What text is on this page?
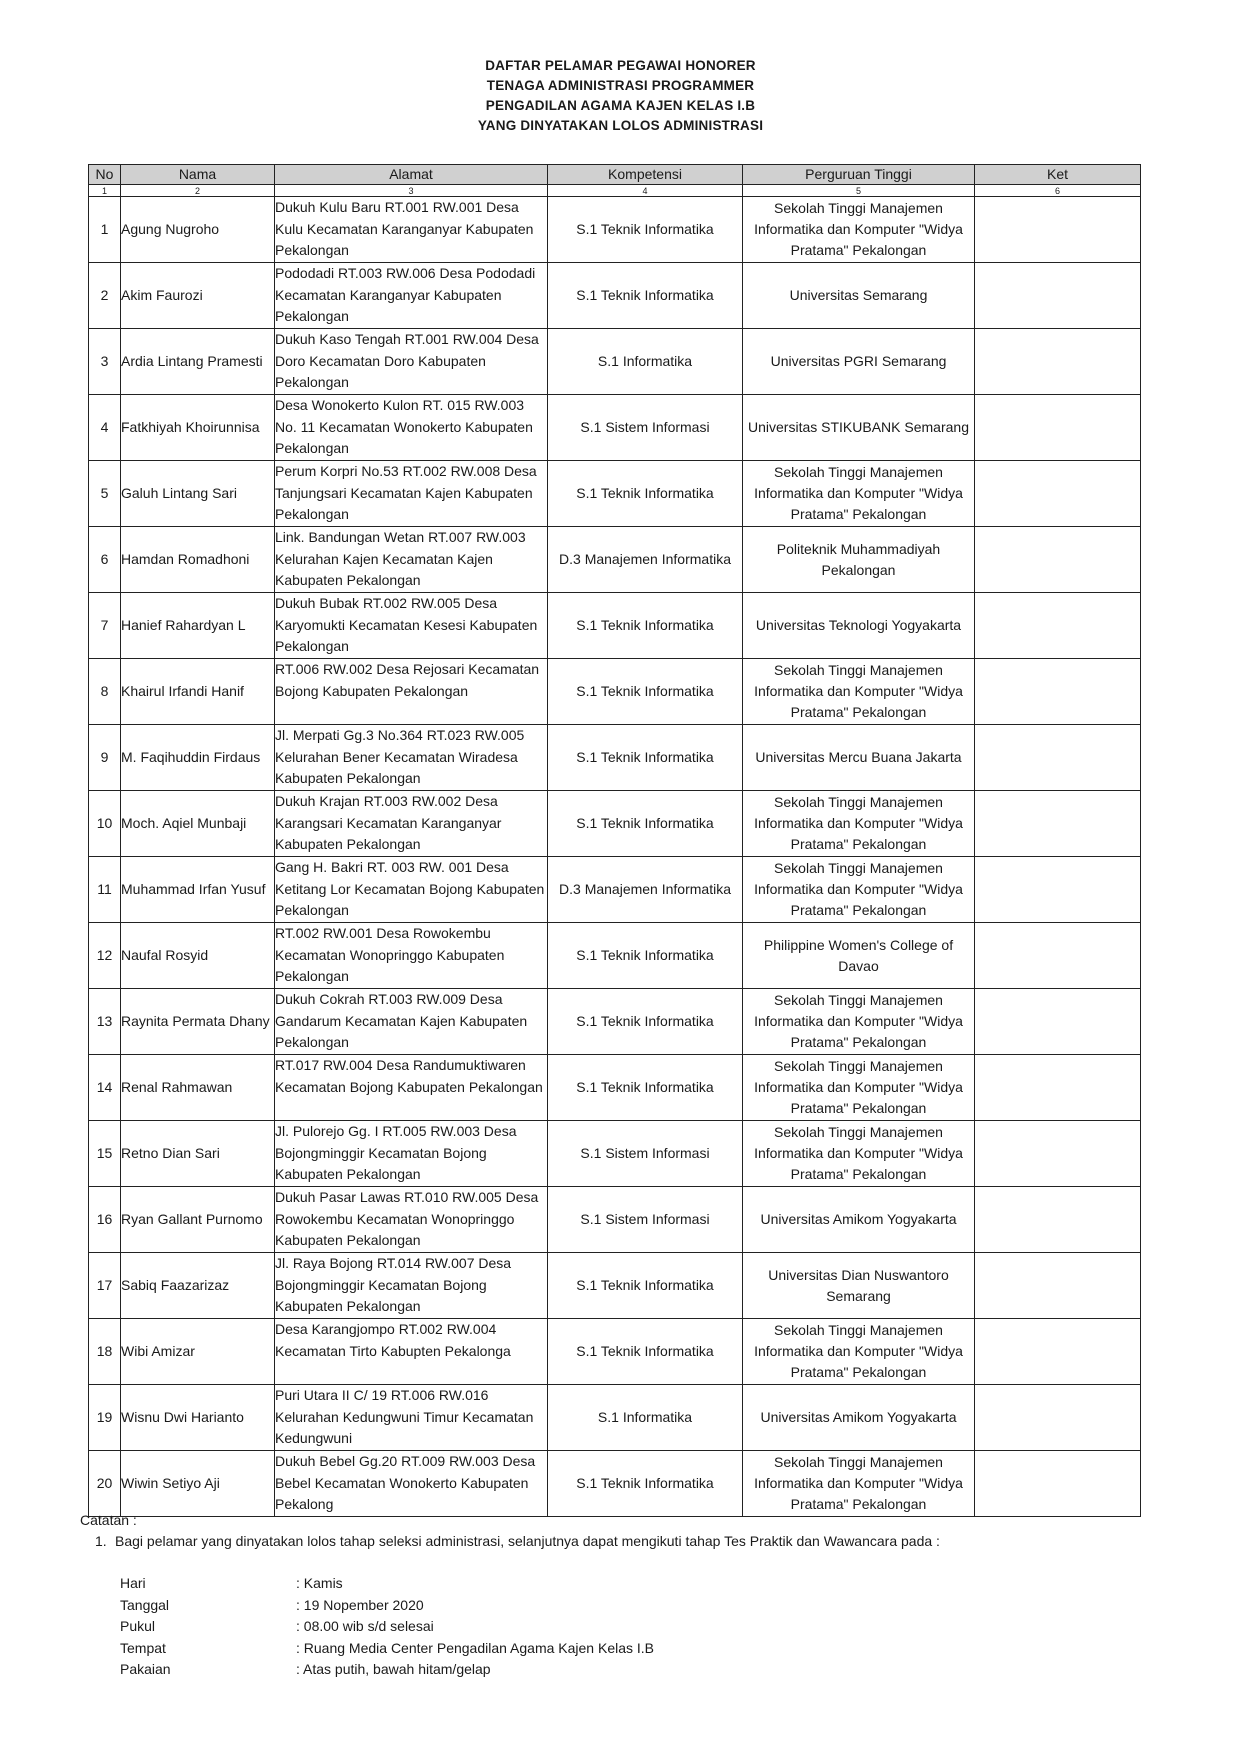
DAFTAR PELAMAR PEGAWAI HONORER
TENAGA ADMINISTRASI PROGRAMMER
PENGADILAN AGAMA KAJEN KELAS I.B
YANG DINYATAKAN LOLOS ADMINISTRASI
No	Nama	Alamat	Kompetensi	Perguruan Tinggi	Ket
1	2	3	4	5	6
1	Agung Nugroho	Dukuh Kulu Baru RT.001 RW.001 Desa Kulu Kecamatan Karanganyar Kabupaten Pekalongan	S.1 Teknik Informatika	Sekolah Tinggi Manajemen Informatika dan Komputer "Widya Pratama" Pekalongan	
2	Akim Faurozi	Pododadi RT.003 RW.006 Desa Pododadi Kecamatan Karanganyar Kabupaten Pekalongan	S.1 Teknik Informatika	Universitas Semarang	
3	Ardia Lintang Pramesti	Dukuh Kaso Tengah RT.001 RW.004 Desa Doro Kecamatan Doro Kabupaten Pekalongan	S.1 Informatika	Universitas PGRI Semarang	
4	Fatkhiyah Khoirunnisa	Desa Wonokerto Kulon RT. 015 RW.003 No. 11 Kecamatan Wonokerto Kabupaten Pekalongan	S.1 Sistem Informasi	Universitas STIKUBANK Semarang	
5	Galuh Lintang Sari	Perum Korpri No.53 RT.002 RW.008 Desa Tanjungsari Kecamatan Kajen Kabupaten Pekalongan	S.1 Teknik Informatika	Sekolah Tinggi Manajemen Informatika dan Komputer "Widya Pratama" Pekalongan	
6	Hamdan Romadhoni	Link. Bandungan Wetan RT.007 RW.003 Kelurahan Kajen Kecamatan Kajen Kabupaten Pekalongan	D.3 Manajemen Informatika	Politeknik Muhammadiyah Pekalongan	
7	Hanief Rahardyan L	Dukuh Bubak RT.002 RW.005 Desa Karyomukti Kecamatan Kesesi Kabupaten Pekalongan	S.1 Teknik Informatika	Universitas Teknologi Yogyakarta	
8	Khairul Irfandi Hanif	RT.006 RW.002 Desa Rejosari Kecamatan Bojong Kabupaten Pekalongan	S.1 Teknik Informatika	Sekolah Tinggi Manajemen Informatika dan Komputer "Widya Pratama" Pekalongan	
9	M. Faqihuddin Firdaus	Jl. Merpati Gg.3 No.364 RT.023 RW.005 Kelurahan Bener Kecamatan Wiradesa Kabupaten Pekalongan	S.1 Teknik Informatika	Universitas Mercu Buana Jakarta	
10	Moch. Aqiel Munbaji	Dukuh Krajan RT.003 RW.002 Desa Karangsari Kecamatan Karanganyar Kabupaten Pekalongan	S.1 Teknik Informatika	Sekolah Tinggi Manajemen Informatika dan Komputer "Widya Pratama" Pekalongan	
11	Muhammad Irfan Yusuf	Gang H. Bakri RT. 003 RW. 001 Desa Ketitang Lor Kecamatan Bojong Kabupaten Pekalongan	D.3 Manajemen Informatika	Sekolah Tinggi Manajemen Informatika dan Komputer "Widya Pratama" Pekalongan	
12	Naufal Rosyid	RT.002 RW.001 Desa Rowokembu Kecamatan Wonopringgo Kabupaten Pekalongan	S.1 Teknik Informatika	Philippine Women's College of Davao	
13	Raynita Permata Dhany	Dukuh Cokrah RT.003 RW.009 Desa Gandarum Kecamatan Kajen Kabupaten Pekalongan	S.1 Teknik Informatika	Sekolah Tinggi Manajemen Informatika dan Komputer "Widya Pratama" Pekalongan	
14	Renal Rahmawan	RT.017 RW.004 Desa Randumuktiwaren Kecamatan Bojong Kabupaten Pekalongan	S.1 Teknik Informatika	Sekolah Tinggi Manajemen Informatika dan Komputer "Widya Pratama" Pekalongan	
15	Retno Dian Sari	Jl. Pulorejo Gg. I RT.005 RW.003 Desa Bojongminggir Kecamatan Bojong Kabupaten Pekalongan	S.1 Sistem Informasi	Sekolah Tinggi Manajemen Informatika dan Komputer "Widya Pratama" Pekalongan	
16	Ryan Gallant Purnomo	Dukuh Pasar Lawas RT.010 RW.005 Desa Rowokembu Kecamatan Wonopringgo Kabupaten Pekalongan	S.1 Sistem Informasi	Universitas Amikom Yogyakarta	
17	Sabiq Faazarizaz	Jl. Raya Bojong RT.014 RW.007 Desa Bojongminggir Kecamatan Bojong Kabupaten Pekalongan	S.1 Teknik Informatika	Universitas Dian Nuswantoro Semarang	
18	Wibi Amizar	Desa Karangjompo RT.002 RW.004 Kecamatan Tirto Kabupten Pekalonga	S.1 Teknik Informatika	Sekolah Tinggi Manajemen Informatika dan Komputer "Widya Pratama" Pekalongan	
19	Wisnu Dwi Harianto	Puri Utara II C/ 19 RT.006 RW.016 Kelurahan Kedungwuni Timur Kecamatan Kedungwuni	S.1 Informatika	Universitas Amikom Yogyakarta	
20	Wiwin Setiyo Aji	Dukuh Bebel Gg.20 RT.009 RW.003 Desa Bebel Kecamatan Wonokerto Kabupaten Pekalong	S.1 Teknik Informatika	Sekolah Tinggi Manajemen Informatika dan Komputer "Widya Pratama" Pekalongan	
Catatan :
1. Bagi pelamar yang dinyatakan lolos tahap seleksi administrasi, selanjutnya dapat mengikuti tahap Tes Praktik dan Wawancara pada :
Hari	: Kamis
Tanggal	: 19 Nopember 2020
Pukul	: 08.00 wib s/d selesai
Tempat	: Ruang Media Center Pengadilan Agama Kajen Kelas I.B
Pakaian	: Atas putih, bawah hitam/gelap
